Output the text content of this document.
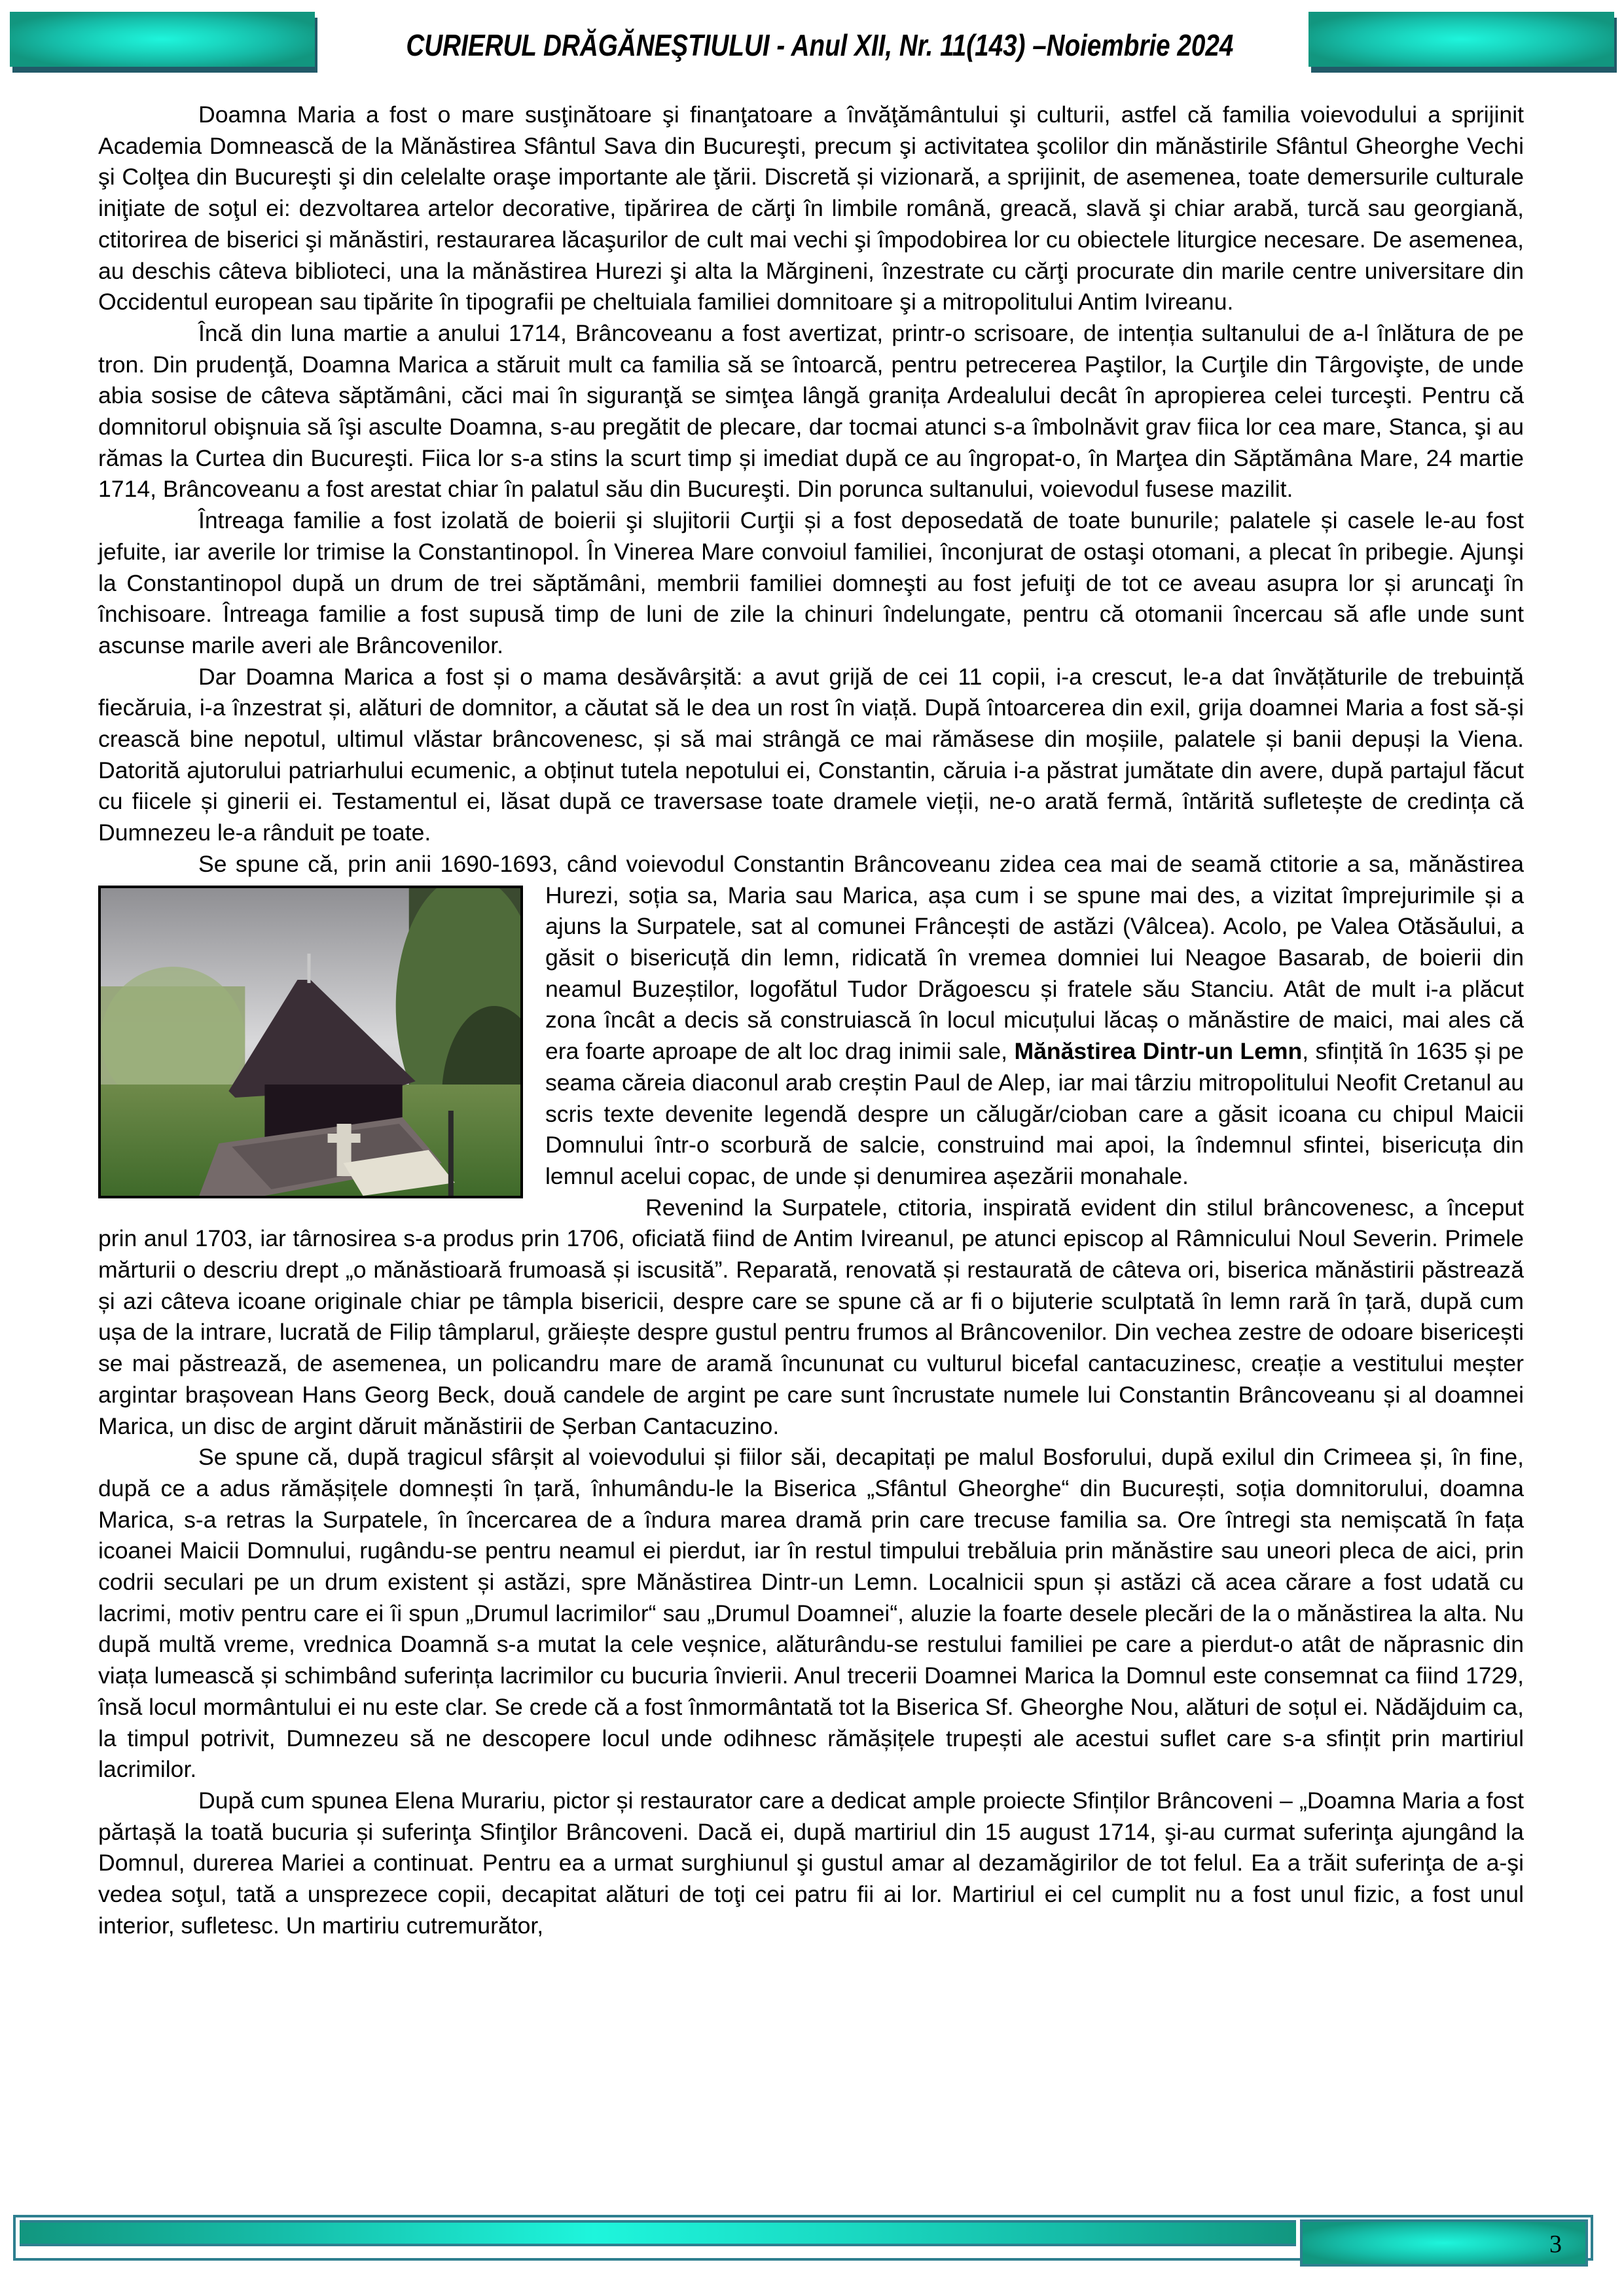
CURIERUL DRĂGĂNEŞTIULUI - Anul XII, Nr. 11(143) –Noiembrie 2024

Doamna Maria a fost o mare susţinătoare şi finanţatoare a învăţământului şi culturii, astfel că familia voievodului a sprijinit Academia Domnească de la Mănăstirea Sfântul Sava din Bucureşti, precum şi activitatea şcolilor din mănăstirile Sfântul Gheorghe Vechi şi Colţea din Bucureşti şi din celelalte oraşe importante ale ţării. Discretă și vizionară, a sprijinit, de asemenea, toate demersurile culturale iniţiate de soţul ei: dezvoltarea artelor decorative, tipărirea de cărţi în limbile română, greacă, slavă şi chiar arabă, turcă sau georgiană, ctitorirea de biserici şi mănăstiri, restaurarea lăcaşurilor de cult mai vechi şi împodobirea lor cu obiectele liturgice necesare. De asemenea, au deschis câteva biblioteci, una la mănăstirea Hurezi şi alta la Mărgineni, înzestrate cu cărţi procurate din marile centre universitare din Occidentul european sau tipărite în tipografii pe cheltuiala familiei domnitoare şi a mitropolitului Antim Ivireanu.

Încă din luna martie a anului 1714, Brâncoveanu a fost avertizat, printr-o scrisoare, de intenția sultanului de a-l înlătura de pe tron. Din prudenţă, Doamna Marica a stăruit mult ca familia să se întoarcă, pentru petrecerea Paştilor, la Curţile din Târgovişte, de unde abia sosise de câteva săptămâni, căci mai în siguranţă se simţea lângă granița Ardealului decât în apropierea celei turceşti. Pentru că domnitorul obişnuia să îşi asculte Doamna, s-au pregătit de plecare, dar tocmai atunci s-a îmbolnăvit grav fiica lor cea mare, Stanca, şi au rămas la Curtea din Bucureşti. Fiica lor s-a stins la scurt timp și imediat după ce au îngropat-o, în Marţea din Săptămâna Mare, 24 martie 1714, Brâncoveanu a fost arestat chiar în palatul său din Bucureşti. Din porunca sultanului, voievodul fusese mazilit.

Întreaga familie a fost izolată de boierii şi slujitorii Curţii și a fost deposedată de toate bunurile; palatele și casele le-au fost jefuite, iar averile lor trimise la Constantinopol. În Vinerea Mare convoiul familiei, înconjurat de ostaşi otomani, a plecat în pribegie. Ajunşi la Constantinopol după un drum de trei săptămâni, membrii familiei domneşti au fost jefuiţi de tot ce aveau asupra lor și aruncaţi în închisoare. Întreaga familie a fost supusă timp de luni de zile la chinuri îndelungate, pentru că otomanii încercau să afle unde sunt ascunse marile averi ale Brâncovenilor.

Dar Doamna Marica a fost și o mama desăvârșită: a avut grijă de cei 11 copii, i-a crescut, le-a dat învățăturile de trebuință fiecăruia, i-a înzestrat și, alături de domnitor, a căutat să le dea un rost în viață. După întoarcerea din exil, grija doamnei Maria a fost să-și crească bine nepotul, ultimul vlăstar brâncovenesc, și să mai strângă ce mai rămăsese din moșiile, palatele și banii depuși la Viena. Datorită ajutorului patriarhului ecumenic, a obținut tutela nepotului ei, Constantin, căruia i-a păstrat jumătate din avere, după partajul făcut cu fiicele și ginerii ei. Testamentul ei, lăsat după ce traversase toate dramele vieții, ne-o arată fermă, întărită sufletește de credința că Dumnezeu le-a rânduit pe toate.

Se spune că, prin anii 1690-1693, când voievodul Constantin Brâncoveanu zidea cea mai de seamă ctitorie a
sa, mănăstirea Hurezi, soția sa, Maria sau Marica, așa cum i se spune mai des, a vizitat împrejurimile și a ajuns la Surpatele, sat al comunei Frâncești de astăzi (Vâlcea). Acolo, pe Valea Otăsăului, a găsit o bisericuță din lemn, ridicată în vremea domniei lui Neagoe Basarab, de boierii din neamul Buzeștilor, logofătul Tudor Drăgoescu și fratele său Stanciu. Atât de mult i-a plăcut zona încât a decis să construiască în locul micuțului lăcaș o mănăstire de maici, mai ales că era foarte aproape de alt loc drag inimii sale, Mănăstirea Dintr-un Lemn, sfințită în 1635 și pe seama căreia diaconul arab creștin Paul de Alep, iar mai târziu mitropolitului Neofit Cretanul au scris texte devenite legendă despre un călugăr/cioban care a găsit icoana cu chipul Maicii Domnului într-o scorbură de salcie, construind mai apoi, la îndemnul sfintei, bisericuța din lemnul acelui copac, de unde și denumirea așezării monahale.

Revenind la Surpatele, ctitoria, inspirată evident din stilul brâncovenesc, a început prin anul 1703, iar târnosirea s-a produs prin 1706, oficiată fiind de Antim Ivireanul, pe atunci episcop al Râmnicului Noul Severin. Primele mărturii o descriu drept „o mănăstioară frumoasă și iscusită”. Reparată, renovată și restaurată de câteva ori, biserica mănăstirii păstrează și azi câteva icoane originale chiar pe tâmpla bisericii, despre care se spune că ar fi o bijuterie sculptată în lemn rară în țară, după cum ușa de la intrare, lucrată de Filip tâmplarul, grăiește despre gustul pentru frumos al Brâncovenilor. Din vechea zestre de odoare bisericești se mai păstrează, de asemenea, un policandru mare de aramă încununat cu vulturul bicefal cantacuzinesc, creație a vestitului meșter argintar brașovean Hans Georg Beck, două candele de argint pe care sunt încrustate numele lui Constantin Brâncoveanu și al doamnei Marica, un disc de argint dăruit mănăstirii de Șerban Cantacuzino.

Se spune că, după tragicul sfârșit al voievodului și fiilor săi, decapitați pe malul Bosforului, după exilul din Crimeea și, în fine, după ce a adus rămășițele domnești în țară, înhumându-le la Biserica „Sfântul Gheorghe“ din București, soția domnitorului, doamna Marica, s-a retras la Surpatele, în încercarea de a îndura marea dramă prin care trecuse familia sa. Ore întregi sta nemișcată în fața icoanei Maicii Domnului, rugându-se pentru neamul ei pierdut, iar în restul timpului trebăluia prin mănăstire sau uneori pleca de aici, prin codrii seculari pe un drum existent și astăzi, spre Mănăstirea Dintr-un Lemn. Localnicii spun și astăzi că acea cărare a fost udată cu lacrimi, motiv pentru care ei îi spun „Drumul lacrimilor“ sau „Drumul Doamnei“, aluzie la foarte desele plecări de la o mănăstirea la alta. Nu după multă vreme, vrednica Doamnă s-a mutat la cele veșnice, alăturându-se restului familiei pe care a pierdut-o atât de năprasnic din viața lumească și schimbând suferința lacrimilor cu bucuria învierii. Anul trecerii Doamnei Marica la Domnul este consemnat ca fiind 1729, însă locul mormântului ei nu este clar. Se crede că a fost înmormântată tot la Biserica Sf. Gheorghe Nou, alături de soțul ei. Nădăjduim ca, la timpul potrivit, Dumnezeu să ne descopere locul unde odihnesc rămășițele trupești ale acestui suflet care s-a sfințit prin martiriul lacrimilor.

După cum spunea Elena Murariu, pictor și restaurator care a dedicat ample proiecte Sfinților Brâncoveni – „Doamna Maria a fost părtașă la toată bucuria și suferinţa Sfinţilor Brâncoveni. Dacă ei, după martiriul din 15 august 1714, şi-au curmat suferinţa ajungând la Domnul, durerea Mariei a continuat. Pentru ea a urmat surghiunul şi gustul amar al dezamăgirilor de tot felul. Ea a trăit suferinţa de a-şi vedea soţul, tată a unsprezece copii, decapitat alături de toţi cei patru fii ai lor. Martiriul ei cel cumplit nu a fost unul fizic, a fost unul interior, sufletesc. Un martiriu cutremurător,

3
